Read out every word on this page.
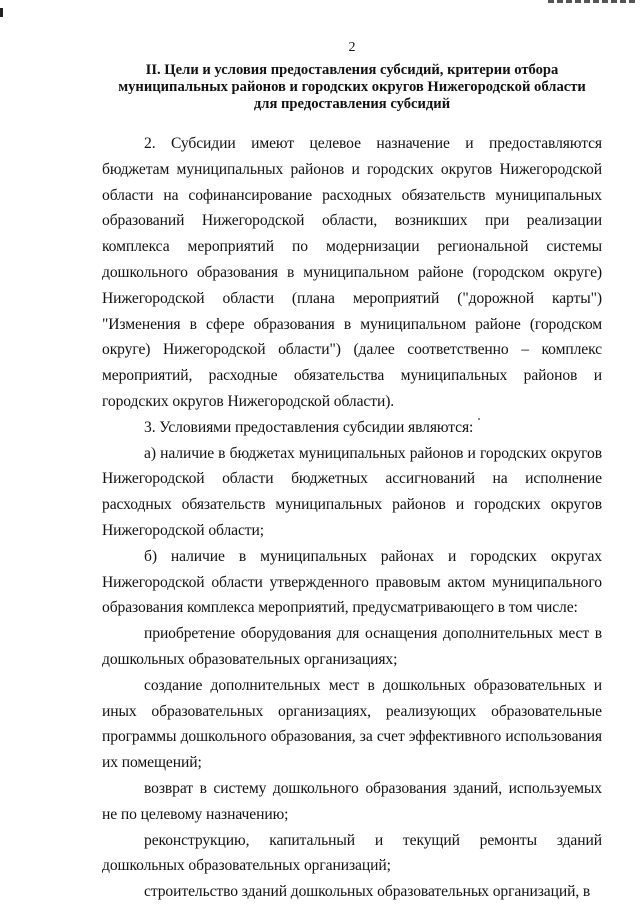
2
II. Цели и условия предоставления субсидий, критерии отбора
муниципальных районов и городских округов Нижегородской области
для предоставления субсидий

2. Субсидии имеют целевое назначение и предоставляются бюджетам муниципальных районов и городских округов Нижегородской области на софинансирование расходных обязательств муниципальных образований Нижегородской области, возникших при реализации комплекса мероприятий по модернизации региональной системы дошкольного образования в муниципальном районе (городском округе) Нижегородской области (плана мероприятий ("дорожной карты") "Изменения в сфере образования в муниципальном районе (городском округе) Нижегородской области") (далее соответственно – комплекс мероприятий, расходные обязательства муниципальных районов и городских округов Нижегородской области).

3. Условиями предоставления субсидии являются:

а) наличие в бюджетах муниципальных районов и городских округов Нижегородской области бюджетных ассигнований на исполнение расходных обязательств муниципальных районов и городских округов Нижегородской области;

б) наличие в муниципальных районах и городских округах Нижегородской области утвержденного правовым актом муниципального образования комплекса мероприятий, предусматривающего в том числе:

приобретение оборудования для оснащения дополнительных мест в дошкольных образовательных организациях;

создание дополнительных мест в дошкольных образовательных и иных образовательных организациях, реализующих образовательные программы дошкольного образования, за счет эффективного использования их помещений;

возврат в систему дошкольного образования зданий, используемых не по целевому назначению;

реконструкцию, капитальный и текущий ремонты зданий дошкольных образовательных организаций;

строительство зданий дошкольных образовательных организаций, в
